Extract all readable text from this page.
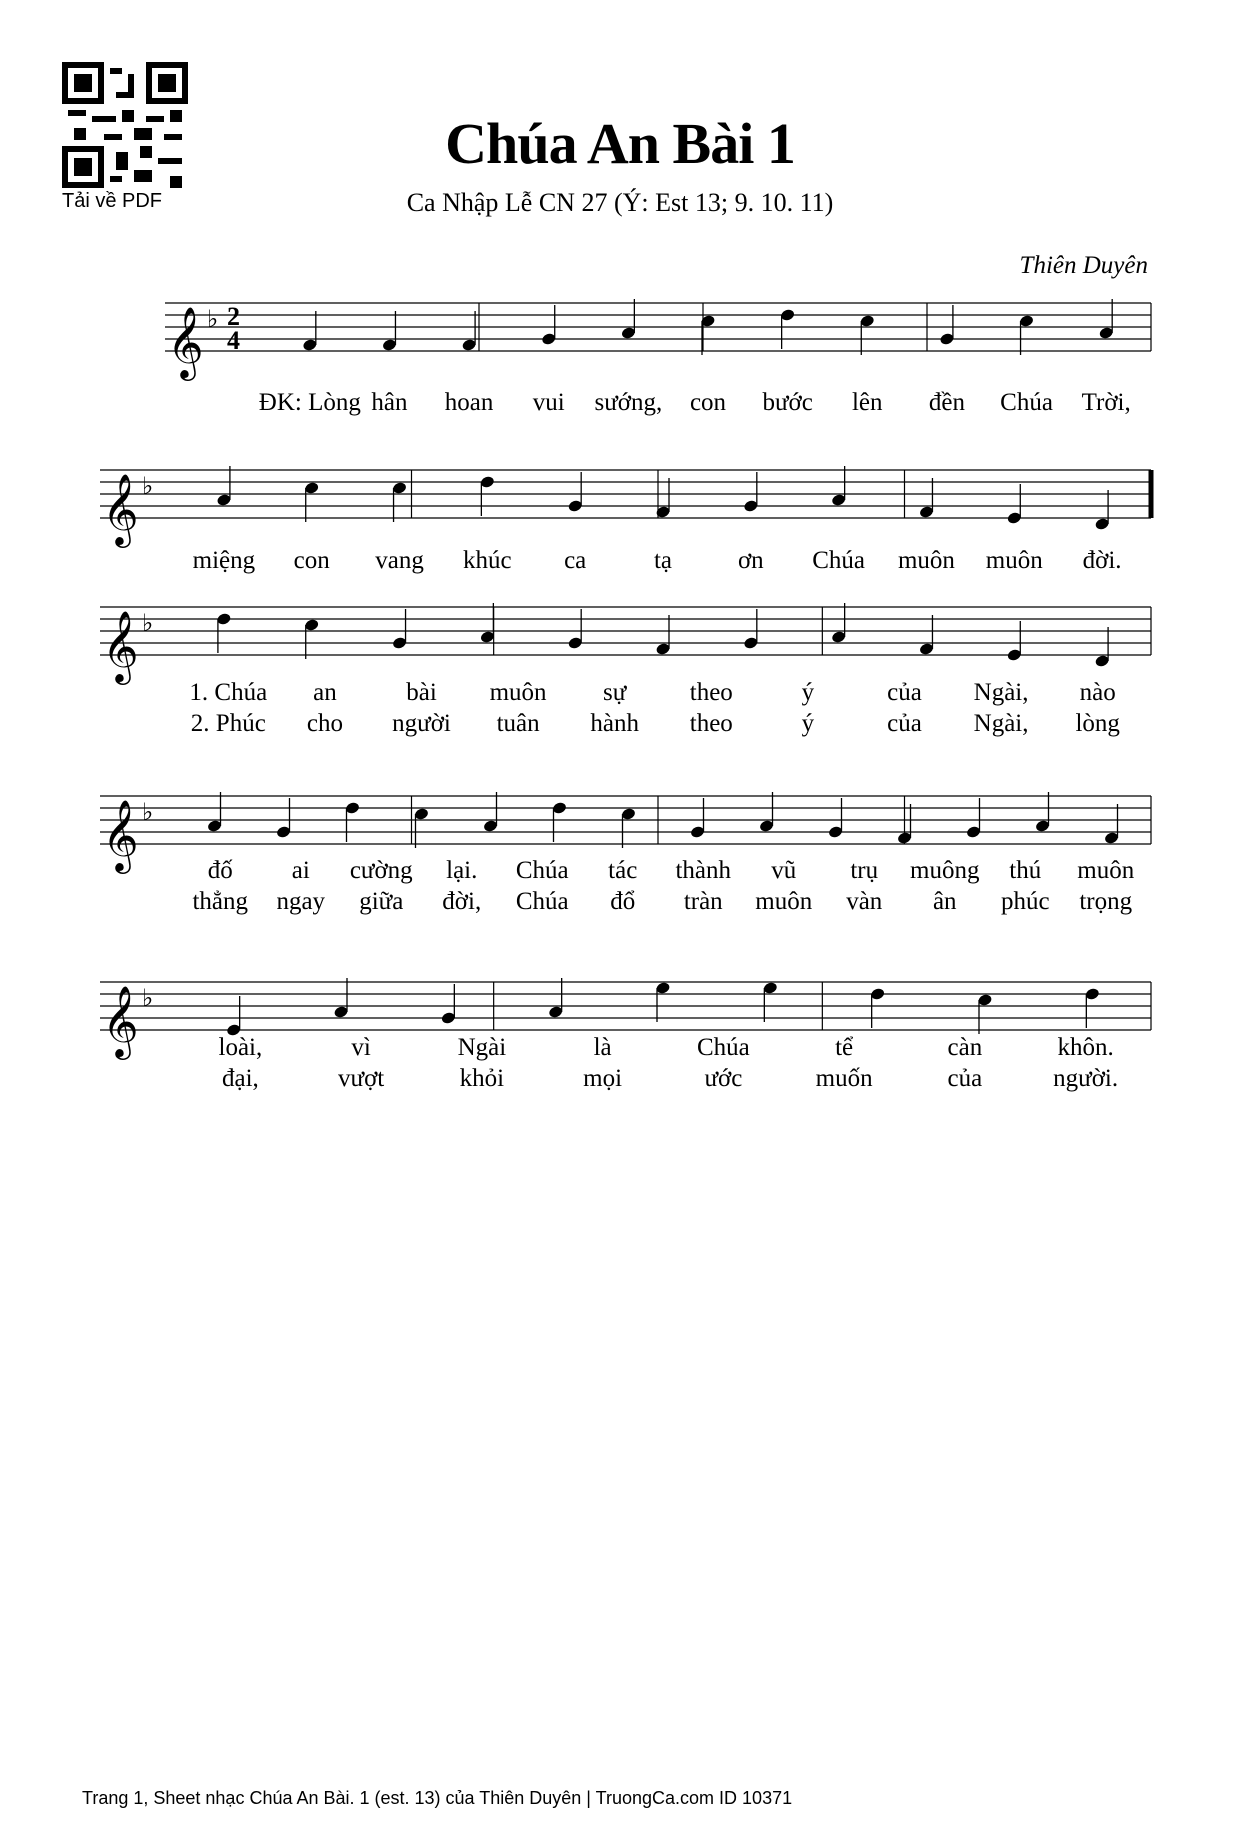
Tải về PDF
Chúa An Bài 1
Ca Nhập Lễ CN 27 (Ý: Est 13; 9. 10. 11)
Thiên Duyên
𝄞 ♭ 2
4
ĐK: Lòng hân hoan vui sướng, con bước lên đền Chúa Trời,
𝄞 ♭
miệng con vang khúc ca	tạ	ơn Chúa muôn muôn đời.
𝄞 ♭
1. Chúa an	bài muôn sự	theo	ý	của Ngài, nào
2. Phúc cho người tuân hành theo	ý	của Ngài, lòng
𝄞 ♭
đố ai cường lại. Chúa tác thành vũ trụ muông thú muôn
thẳng ngay giữa đời, Chúa đổ tràn muôn vàn ân phúc trọng
𝄞 ♭
loài,	vì	Ngài	là	Chúa	tể	càn	khôn.
đại,	vượt	khỏi	mọi	ước	muốn	của	người.
Trang 1, Sheet nhạc Chúa An Bài. 1 (est. 13) của Thiên Duyên | TruongCa.com ID 10371
